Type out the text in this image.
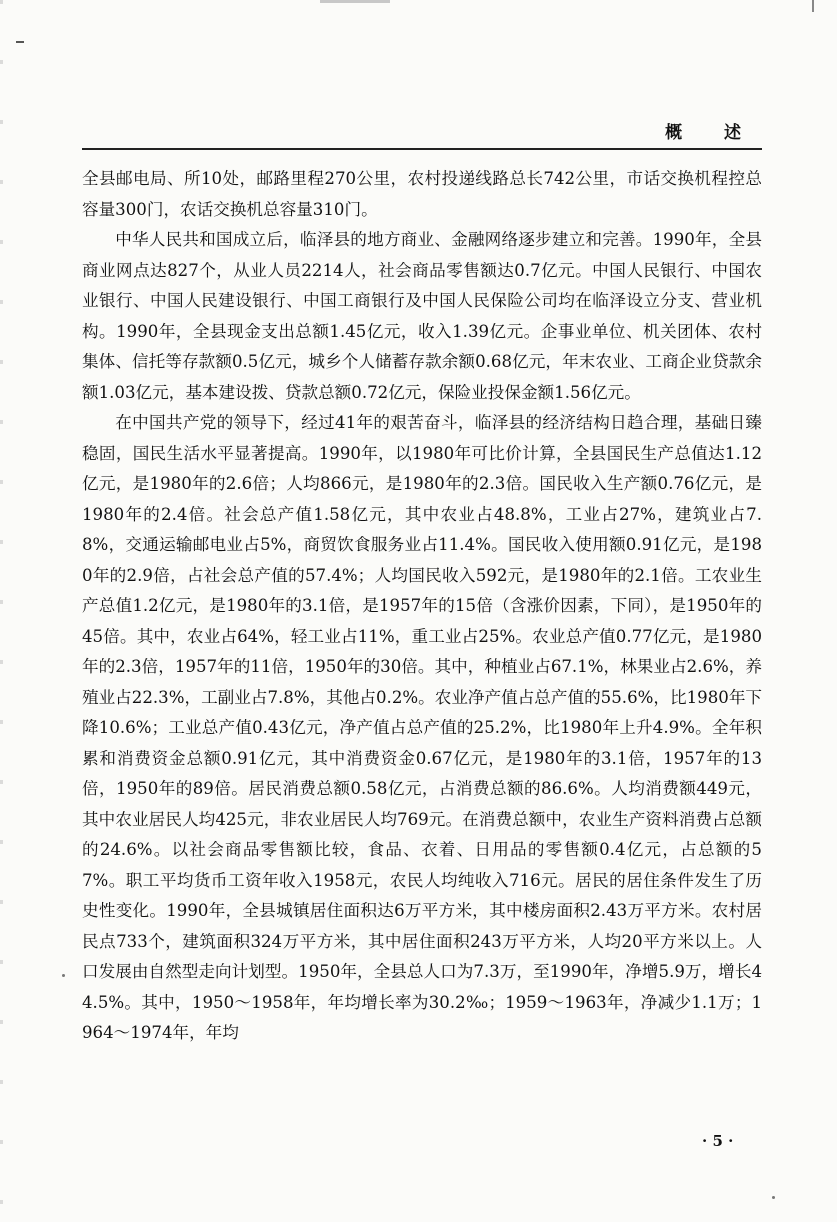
概 述

全县邮电局、所10处，邮路里程270公里，农村投递线路总长742公里，市话交换机程控总容量300门，农话交换机总容量310门。

中华人民共和国成立后，临泽县的地方商业、金融网络逐步建立和完善。1990年，全县商业网点达827个，从业人员2214人，社会商品零售额达0.7亿元。中国人民银行、中国农业银行、中国人民建设银行、中国工商银行及中国人民保险公司均在临泽设立分支、营业机构。1990年，全县现金支出总额1.45亿元，收入1.39亿元。企事业单位、机关团体、农村集体、信托等存款额0.5亿元，城乡个人储蓄存款余额0.68亿元，年末农业、工商企业贷款余额1.03亿元，基本建设拨、贷款总额0.72亿元，保险业投保金额1.56亿元。

在中国共产党的领导下，经过41年的艰苦奋斗，临泽县的经济结构日趋合理，基础日臻稳固，国民生活水平显著提高。1990年，以1980年可比价计算，全县国民生产总值达1.12亿元，是1980年的2.6倍；人均866元，是1980年的2.3倍。国民收入生产额0.76亿元，是1980年的2.4倍。社会总产值1.58亿元，其中农业占48.8%，工业占27%，建筑业占7.8%，交通运输邮电业占5%，商贸饮食服务业占11.4%。国民收入使用额0.91亿元，是1980年的2.9倍，占社会总产值的57.4%；人均国民收入592元，是1980年的2.1倍。工农业生产总值1.2亿元，是1980年的3.1倍，是1957年的15倍（含涨价因素，下同），是1950年的45倍。其中，农业占64%，轻工业占11%，重工业占25%。农业总产值0.77亿元，是1980年的2.3倍，1957年的11倍，1950年的30倍。其中，种植业占67.1%，林果业占2.6%，养殖业占22.3%，工副业占7.8%，其他占0.2%。农业净产值占总产值的55.6%，比1980年下降10.6%；工业总产值0.43亿元，净产值占总产值的25.2%，比1980年上升4.9%。全年积累和消费资金总额0.91亿元，其中消费资金0.67亿元，是1980年的3.1倍，1957年的13倍，1950年的89倍。居民消费总额0.58亿元，占消费总额的86.6%。人均消费额449元，其中农业居民人均425元，非农业居民人均769元。在消费总额中，农业生产资料消费占总额的24.6%。以社会商品零售额比较，食品、衣着、日用品的零售额0.4亿元，占总额的57%。职工平均货币工资年收入1958元，农民人均纯收入716元。居民的居住条件发生了历史性变化。1990年，全县城镇居住面积达6万平方米，其中楼房面积2.43万平方米。农村居民点733个，建筑面积324万平方米，其中居住面积243万平方米，人均20平方米以上。人口发展由自然型走向计划型。1950年，全县总人口为7.3万，至1990年，净增5.9万，增长44.5%。其中，1950～1958年，年均增长率为30.2‰；1959～1963年，净减少1.1万；1964～1974年，年均

· 5 ·
